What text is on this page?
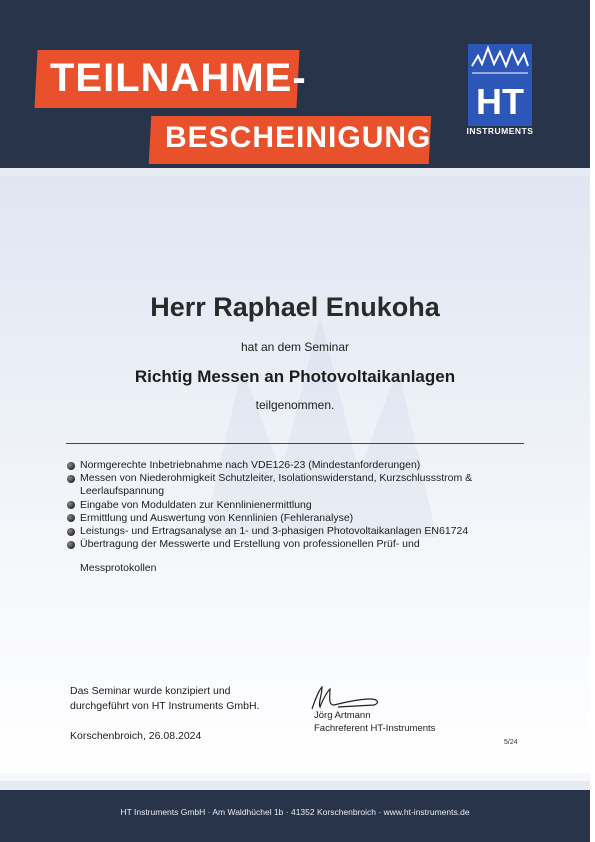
TEILNAHME-
BESCHEINIGUNG
HT
INSTRUMENTS
Herr Raphael Enukoha
hat an dem Seminar
Richtig Messen an Photovoltaikanlagen
teilgenommen.
Normgerechte Inbetriebnahme nach VDE126-23 (Mindestanforderungen)
Messen von Niederohmigkeit Schutzleiter, Isolationswiderstand, Kurzschlussstrom & Leerlaufspannung
Eingabe von Moduldaten zur Kennlinienermittlung
Ermittlung und Auswertung von Kennlinien (Fehleranalyse)
Leistungs- und Ertragsanalyse an 1- und 3-phasigen Photovoltaikanlagen EN61724
Übertragung der Messwerte und Erstellung von professionellen Prüf- und
Messprotokollen
Das Seminar wurde konzipiert und
durchgeführt von HT Instruments GmbH.
Korschenbroich, 26.08.2024
Jörg Artmann
Fachreferent HT-Instruments
5/24
HT Instruments GmbH · Am Waldhüchel 1b · 41352 Korschenbroich · www.ht-instruments.de
